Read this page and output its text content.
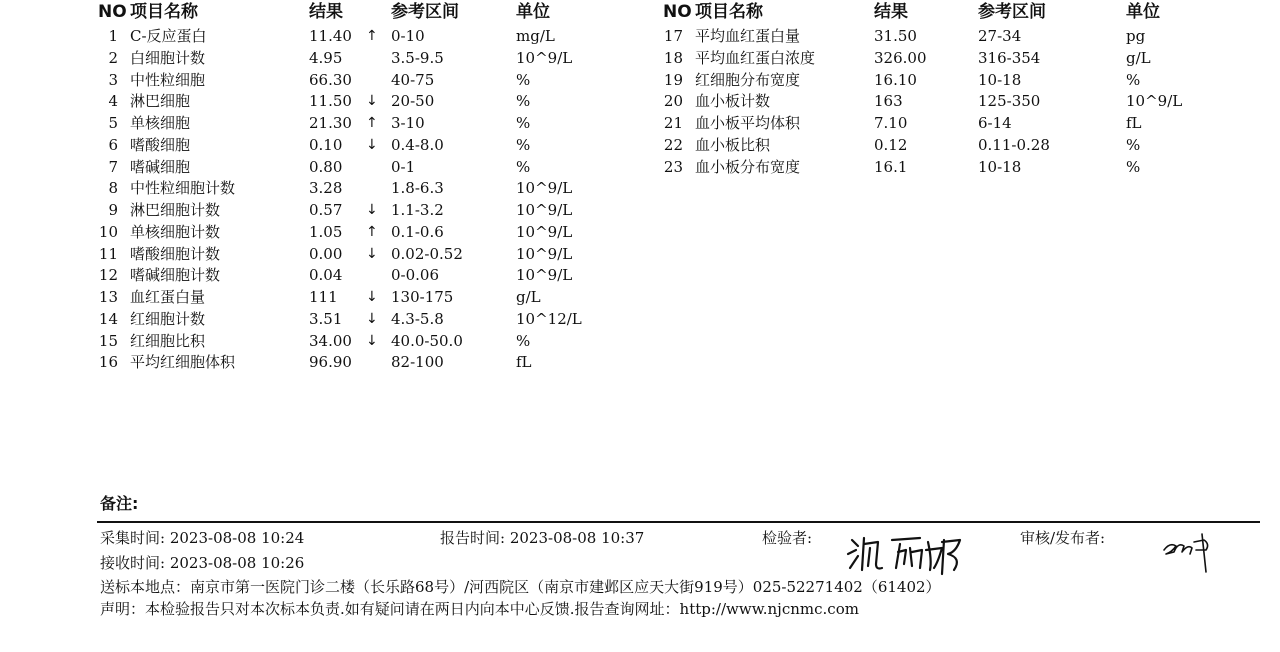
NO 项目名称	结果	参考区间	单位	NO 项目名称	结果	参考区间	单位
1 C-反应蛋白	11.40 ↑ 0-10	mg/L
2 白细胞计数	4.95	3.5-9.5	10^9/L
3 中性粒细胞	66.30	40-75	%
4 淋巴细胞	11.50 ↓ 20-50	%
5 单核细胞	21.30 ↑ 3-10	%
6 嗜酸细胞	0.10 ↓ 0.4-8.0	%
7 嗜碱细胞	0.80	0-1	%
8 中性粒细胞计数	3.28	1.8-6.3	10^9/L
9 淋巴细胞计数	0.57 ↓ 1.1-3.2	10^9/L
10 单核细胞计数	1.05 ↑ 0.1-0.6	10^9/L
11 嗜酸细胞计数	0.00 ↓ 0.02-0.52	10^9/L
12 嗜碱细胞计数	0.04	0-0.06	10^9/L
13 血红蛋白量	111 ↓ 130-175	g/L
14 红细胞计数	3.51 ↓ 4.3-5.8	10^12/L
15 红细胞比积	34.00 ↓ 40.0-50.0	%
16 平均红细胞体积	96.90	82-100	fL
17 平均血红蛋白量	31.50	27-34	pg
18 平均血红蛋白浓度	326.00	316-354	g/L
19 红细胞分布宽度	16.10	10-18	%
20 血小板计数	163	125-350	10^9/L
21 血小板平均体积	7.10	6-14	fL
22 血小板比积	0.12	0.11-0.28	%
23 血小板分布宽度	16.1	10-18	%
备注:
采集时间: 2023-08-08 10:24	报告时间: 2023-08-08 10:37	检验者:	审核/发布者:
接收时间: 2023-08-08 10:26
送标本地点：南京市第一医院门诊二楼（长乐路68号）/河西院区（南京市建邺区应天大街919号）025-52271402（61402）
声明：本检验报告只对本次标本负责.如有疑问请在两日内向本中心反馈.报告查询网址：http://www.njcnmc.com
